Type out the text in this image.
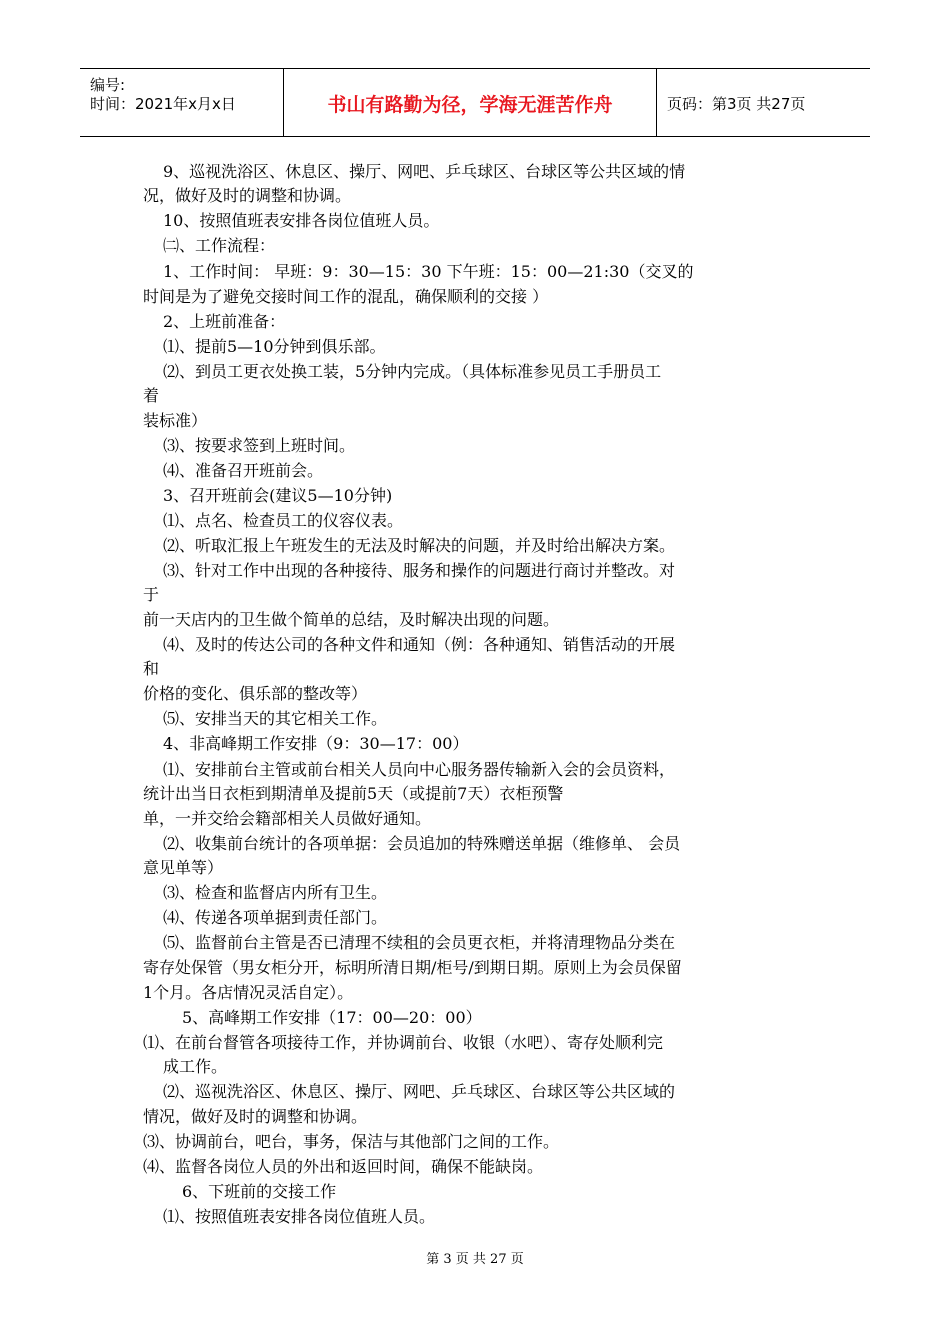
编号:
时间：2021年x月x日	书山有路勤为径，学海无涯苦作舟	页码：第3页 共27页
9、巡视洗浴区、休息区、操厅、网吧、乒乓球区、台球区等公共区域的情
况，做好及时的调整和协调。
10、按照值班表安排各岗位值班人员。
㈡、工作流程：
1、工作时间： 早班：9：30—15：30 下午班：15：00—21:30（交叉的
时间是为了避免交接时间工作的混乱，确保顺利的交接 ）
2、上班前准备：
⑴、提前5—10分钟到俱乐部。
⑵、到员工更衣处换工装，5分钟内完成。（具体标准参见员工手册员工
着
装标准）
⑶、按要求签到上班时间。
⑷、准备召开班前会。
3、召开班前会(建议5—10分钟)
⑴、点名、检查员工的仪容仪表。
⑵、听取汇报上午班发生的无法及时解决的问题，并及时给出解决方案。
⑶、针对工作中出现的各种接待、服务和操作的问题进行商讨并整改。对
于
前一天店内的卫生做个简单的总结，及时解决出现的问题。
⑷、及时的传达公司的各种文件和通知（例：各种通知、销售活动的开展
和
价格的变化、俱乐部的整改等）
⑸、安排当天的其它相关工作。
4、非高峰期工作安排（9：30—17：00）
⑴、安排前台主管或前台相关人员向中心服务器传输新入会的会员资料，
统计出当日衣柜到期清单及提前5天（或提前7天）衣柜预警
单，一并交给会籍部相关人员做好通知。
⑵、收集前台统计的各项单据：会员追加的特殊赠送单据（维修单、 会员
意见单等）
⑶、检查和监督店内所有卫生。
⑷、传递各项单据到责任部门。
⑸、监督前台主管是否已清理不续租的会员更衣柜，并将清理物品分类在
寄存处保管（男女柜分开，标明所清日期/柜号/到期日期。原则上为会员保留
1个月。各店情况灵活自定）。
5、高峰期工作安排（17：00—20：00）
⑴、在前台督管各项接待工作，并协调前台、收银（水吧）、寄存处顺利完
成工作。
⑵、巡视洗浴区、休息区、操厅、网吧、乒乓球区、台球区等公共区域的
情况，做好及时的调整和协调。
⑶、协调前台，吧台，事务，保洁与其他部门之间的工作。
⑷、监督各岗位人员的外出和返回时间，确保不能缺岗。
6、下班前的交接工作
⑴、按照值班表安排各岗位值班人员。
第 3 页 共 27 页
